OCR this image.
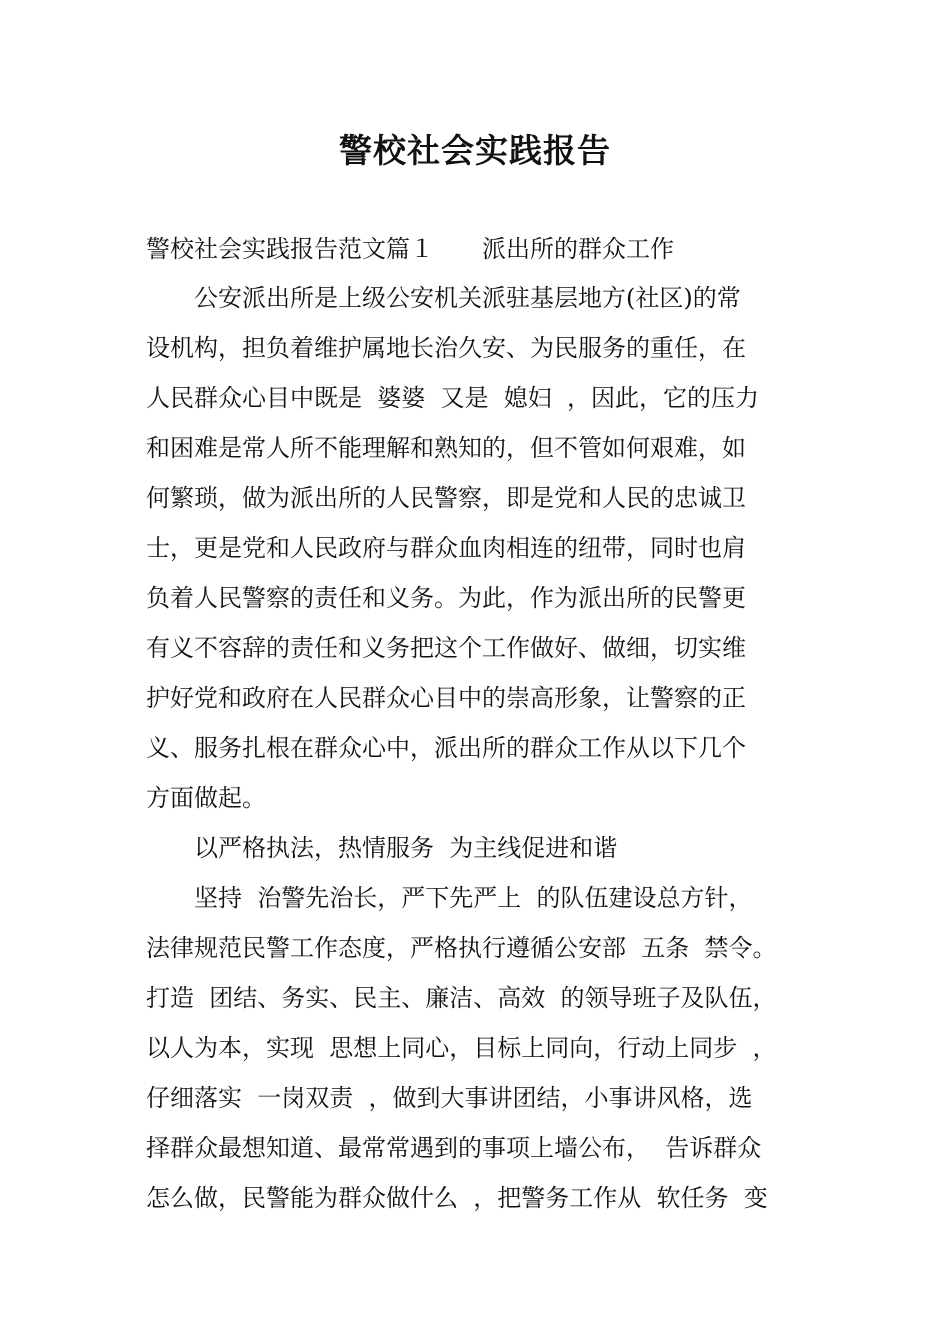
警校社会实践报告
警校社会实践报告范文篇１　　派出所的群众工作
　　公安派出所是上级公安机关派驻基层地方(社区)的常
设机构，担负着维护属地长治久安、为民服务的重任，在
人民群众心目中既是  婆婆  又是  媳妇  ，因此，它的压力
和困难是常人所不能理解和熟知的，但不管如何艰难，如
何繁琐，做为派出所的人民警察，即是党和人民的忠诚卫
士，更是党和人民政府与群众血肉相连的纽带，同时也肩
负着人民警察的责任和义务。为此，作为派出所的民警更
有义不容辞的责任和义务把这个工作做好、做细，切实维
护好党和政府在人民群众心目中的崇高形象，让警察的正
义、服务扎根在群众心中，派出所的群众工作从以下几个
方面做起。
　　以严格执法，热情服务  为主线促进和谐
　　坚持  治警先治长，严下先严上  的队伍建设总方针，
法律规范民警工作态度，严格执行遵循公安部  五条  禁令。
打造  团结、务实、民主、廉洁、高效  的领导班子及队伍，
以人为本，实现  思想上同心，目标上同向，行动上同步  ，
仔细落实  一岗双责  ，做到大事讲团结，小事讲风格，选
择群众最想知道、最常常遇到的事项上墙公布，  告诉群众
怎么做，民警能为群众做什么  ，把警务工作从  软任务  变
